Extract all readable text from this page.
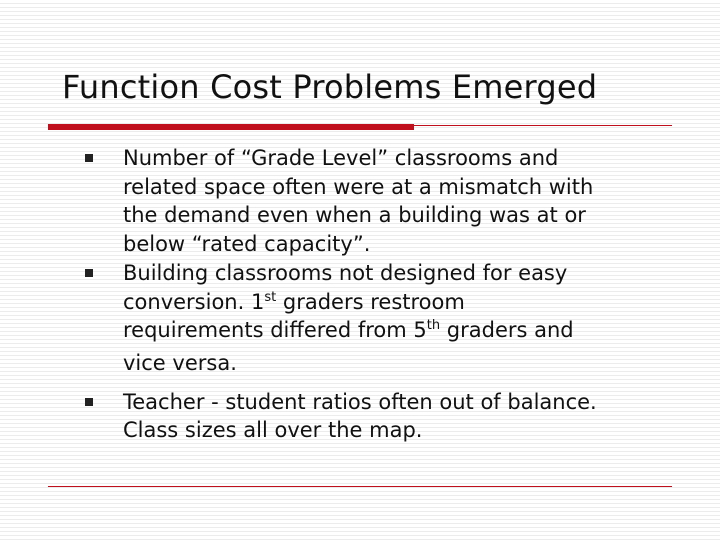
Function Cost Problems Emerged
Number of “Grade Level” classrooms and
related space often were at a mismatch with
the demand even when a building was at or
below “rated capacity”.
Building classrooms not designed for easy
conversion. 1st graders restroom
requirements differed from 5th graders and
vice versa.
Teacher - student ratios often out of balance.
Class sizes all over the map.
